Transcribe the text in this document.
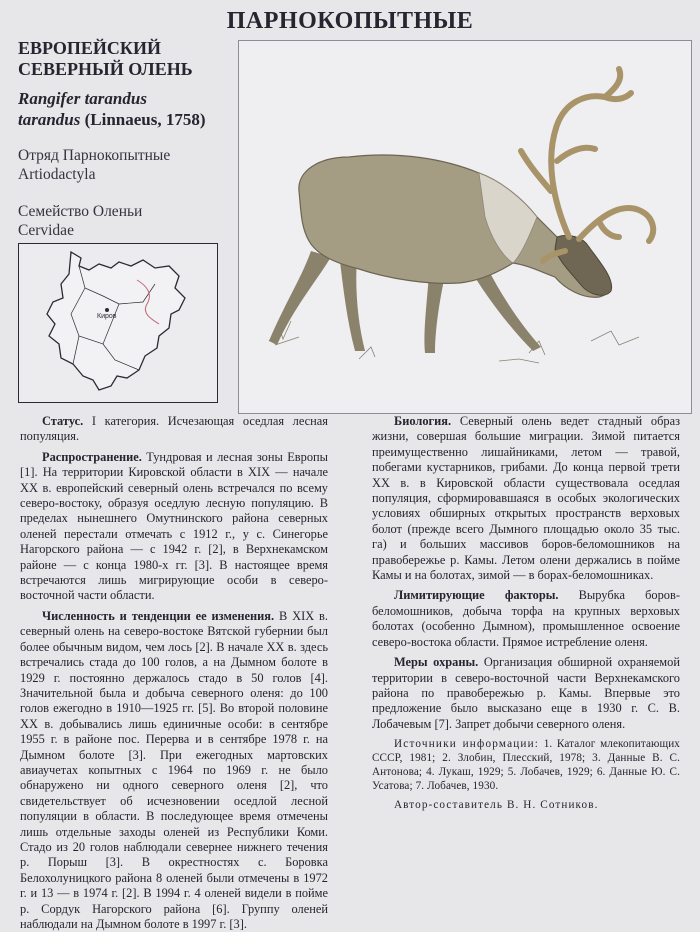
ПАРНОКОПЫТНЫЕ
ЕВРОПЕЙСКИЙ
СЕВЕРНЫЙ ОЛЕНЬ
Rangifer tarandus
tarandus (Linnaeus, 1758)
Отряд Парнокопытные
Artiodactyla
Семейство Оленьи
Cervidae
Киров

Статус. I категория. Исчезающая оседлая лесная популяция.

Распространение. Тундровая и лесная зоны Европы [1]. На территории Кировской области в XIX — начале XX в. европейский северный олень встречался по всему северо-востоку, образуя оседлую лесную популяцию. В пределах нынешнего Омутнинского района северных оленей перестали отмечать с 1912 г., у с. Синегорье Нагорского района — с 1942 г. [2], в Верхнекамском районе — с конца 1980-х гг. [3]. В настоящее время встречаются лишь мигрирующие особи в северо-восточной части области.

Численность и тенденции ее изменения. В XIX в. северный олень на северо-востоке Вятской губернии был более обычным видом, чем лось [2]. В начале XX в. здесь встречались стада до 100 голов, а на Дымном болоте в 1929 г. постоянно держалось стадо в 50 голов [4]. Значительной была и добыча северного оленя: до 100 голов ежегодно в 1910—1925 гг. [5]. Во второй половине XX в. добывались лишь единичные особи: в сентябре 1955 г. в районе пос. Перерва и в сентябре 1978 г. на Дымном болоте [3]. При ежегодных мартовских авиаучетах копытных с 1964 по 1969 г. не было обнаружено ни одного северного оленя [2], что свидетельствует об исчезновении оседлой лесной популяции в области. В последующее время отмечены лишь отдельные заходы оленей из Республики Коми. Стадо из 20 голов наблюдали севернее нижнего течения р. Порыш [3]. В окрестностях с. Боровка Белохолуницкого района 8 оленей были отмечены в 1972 г. и 13 — в 1974 г. [2]. В 1994 г. 4 оленей видели в пойме р. Сордук Нагорского района [6]. Группу оленей наблюдали на Дымном болоте в 1997 г. [3].

Биология. Северный олень ведет стадный образ жизни, совершая большие миграции. Зимой питается преимущественно лишайниками, летом — травой, побегами кустарников, грибами. До конца первой трети XX в. в Кировской области существовала оседлая популяция, сформировавшаяся в особых экологических условиях обширных открытых пространств верховых болот (прежде всего Дымного площадью около 35 тыс. га) и больших массивов боров-беломошников на правобережье р. Камы. Летом олени держались в пойме Камы и на болотах, зимой — в борах-беломошниках.

Лимитирующие факторы. Вырубка боров-беломошников, добыча торфа на крупных верховых болотах (особенно Дымном), промышленное освоение северо-востока области. Прямое истребление оленя.

Меры охраны. Организация обширной охраняемой территории в северо-восточной части Верхнекамского района по правобережью р. Камы. Впервые это предложение было высказано еще в 1930 г. С. В. Лобачевым [7]. Запрет добычи северного оленя.

Источники информации: 1. Каталог млекопитающих СССР, 1981; 2. Злобин, Плесский, 1978; 3. Данные В. С. Антонова; 4. Лукаш, 1929; 5. Лобачев, 1929; 6. Данные Ю. С. Усатова; 7. Лобачев, 1930.

Автор-составитель В. Н. Сотников.
